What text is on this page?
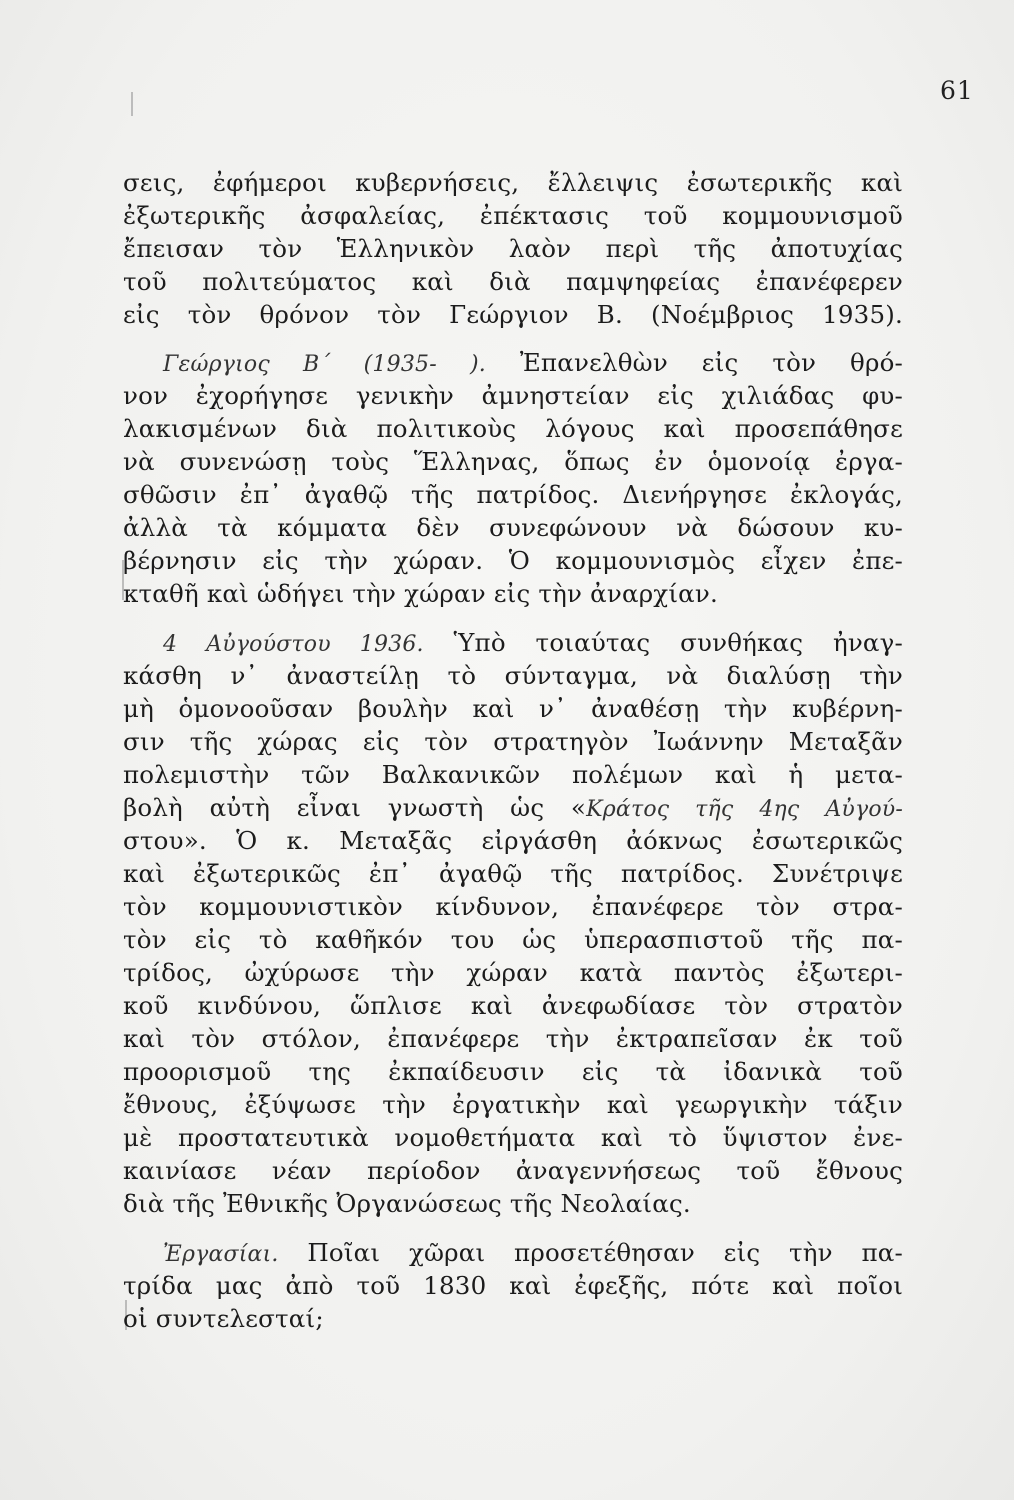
61
σεις, ἐφήμεροι κυβερνήσεις, ἔλλειψις ἐσωτερικῆς καὶ
ἐξωτερικῆς ἀσφαλείας, ἐπέκτασις τοῦ κομμουνισμοῦ
ἔπεισαν τὸν Ἑλληνικὸν λαὸν περὶ τῆς ἀποτυχίας
τοῦ πολιτεύματος καὶ διὰ παμψηφείας ἐπανέφερεν
εἰς τὸν θρόνον τὸν Γεώργιον Β. (Νοέμβριος 1935).
Γεώργιος Β΄ (1935- ). Ἐπανελθὼν εἰς τὸν θρό-
νον ἐχορήγησε γενικὴν ἀμνηστείαν εἰς χιλιάδας φυ-
λακισμένων διὰ πολιτικοὺς λόγους καὶ προσεπάθησε
νὰ συνενώσῃ τοὺς Ἕλληνας, ὅπως ἐν ὁμονοίᾳ ἐργα-
σθῶσιν ἐπ᾿ ἀγαθῷ τῆς πατρίδος. Διενήργησε ἐκλογάς,
ἀλλὰ τὰ κόμματα δὲν συνεφώνουν νὰ δώσουν κυ-
βέρνησιν εἰς τὴν χώραν. Ὁ κομμουνισμὸς εἶχεν ἐπε-
κταθῆ καὶ ὡδήγει τὴν χώραν εἰς τὴν ἀναρχίαν.
4 Αὐγούστου 1936. Ὑπὸ τοιαύτας συνθήκας ἠναγ-
κάσθη ν᾿ ἀναστείλῃ τὸ σύνταγμα, νὰ διαλύσῃ τὴν
μὴ ὁμονοοῦσαν βουλὴν καὶ ν᾿ ἀναθέσῃ τὴν κυβέρνη-
σιν τῆς χώρας εἰς τὸν στρατηγὸν Ἰωάννην Μεταξᾶν
πολεμιστὴν τῶν Βαλκανικῶν πολέμων καὶ ἡ μετα-
βολὴ αὐτὴ εἶναι γνωστὴ ὡς «Κράτος τῆς 4ης Αὐγού-
στου». Ὁ κ. Μεταξᾶς εἰργάσθη ἀόκνως ἐσωτερικῶς
καὶ ἐξωτερικῶς ἐπ᾿ ἀγαθῷ τῆς πατρίδος. Συνέτριψε
τὸν κομμουνιστικὸν κίνδυνον, ἐπανέφερε τὸν στρα-
τὸν εἰς τὸ καθῆκόν του ὡς ὑπερασπιστοῦ τῆς πα-
τρίδος, ὠχύρωσε τὴν χώραν κατὰ παντὸς ἐξωτερι-
κοῦ κινδύνου, ὥπλισε καὶ ἀνεφωδίασε τὸν στρατὸν
καὶ τὸν στόλον, ἐπανέφερε τὴν ἐκτραπεῖσαν ἐκ τοῦ
προορισμοῦ της ἐκπαίδευσιν εἰς τὰ ἰδανικὰ τοῦ
ἔθνους, ἐξύψωσε τὴν ἐργατικὴν καὶ γεωργικὴν τάξιν
μὲ προστατευτικὰ νομοθετήματα καὶ τὸ ὕψιστον ἐνε-
καινίασε νέαν περίοδον ἀναγεννήσεως τοῦ ἔθνους
διὰ τῆς Ἐθνικῆς Ὀργανώσεως τῆς Νεολαίας.
Ἐργασίαι. Ποῖαι χῶραι προσετέθησαν εἰς τὴν πα-
τρίδα μας ἀπὸ τοῦ 1830 καὶ ἐφεξῆς, πότε καὶ ποῖοι
οἱ συντελεσταί;
